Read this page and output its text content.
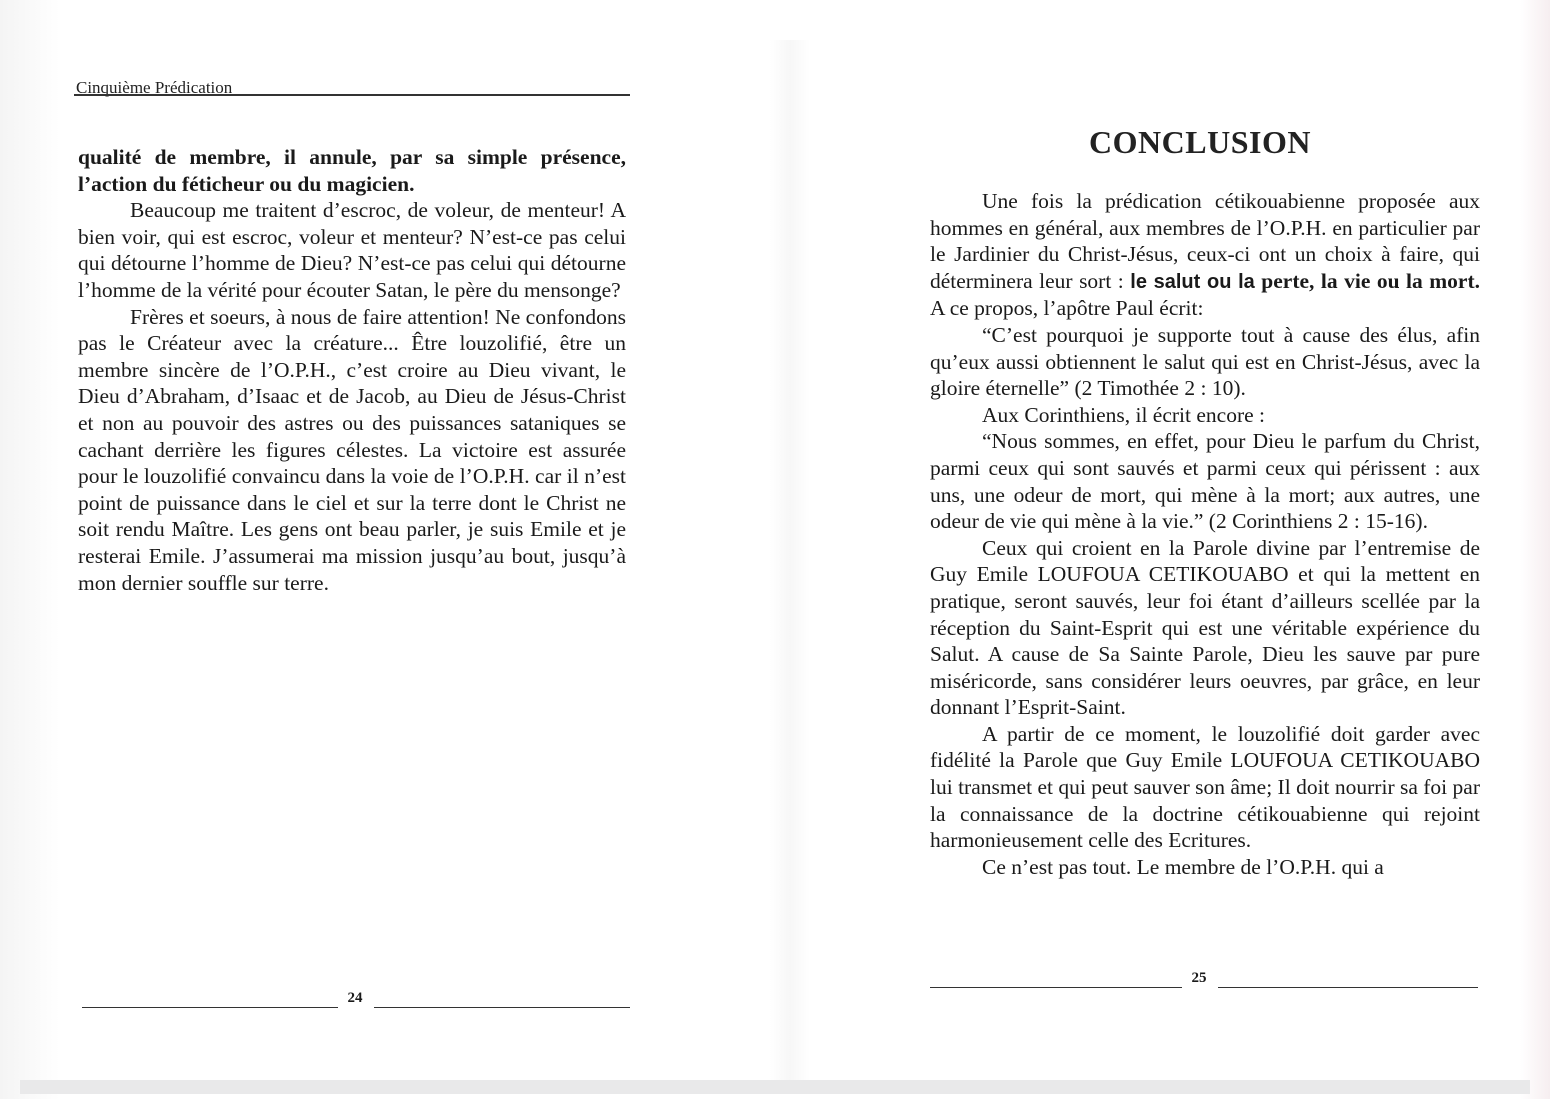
Cinquième Prédication

qualité de membre, il annule, par sa simple présence, l’action du féticheur ou du magicien.

Beaucoup me traitent d’escroc, de voleur, de menteur! A bien voir, qui est escroc, voleur et menteur? N’est-ce pas celui qui détourne l’homme de Dieu? N’est-ce pas celui qui détourne l’homme de la vérité pour écouter Satan, le père du mensonge?

Frères et soeurs, à nous de faire attention! Ne confondons pas le Créateur avec la créature... Être louzolifié, être un membre sincère de l’O.P.H., c’est croire au Dieu vivant, le Dieu d’Abraham, d’Isaac et de Jacob, au Dieu de Jésus-Christ et non au pouvoir des astres ou des puissances sataniques se cachant derrière les figures célestes. La victoire est assurée pour le louzolifié convaincu dans la voie de l’O.P.H. car il n’est point de puissance dans le ciel et sur la terre dont le Christ ne soit rendu Maître. Les gens ont beau parler, je suis Emile et je resterai Emile. J’assumerai ma mission jusqu’au bout, jusqu’à mon dernier souffle sur terre.

24
CONCLUSION

Une fois la prédication cétikouabienne proposée aux hommes en général, aux membres de l’O.P.H. en particulier par le Jardinier du Christ-Jésus, ceux-ci ont un choix à faire, qui déterminera leur sort : le salut ou la perte, la vie ou la mort. A ce propos, l’apôtre Paul écrit:

“C’est pourquoi je supporte tout à cause des élus, afin qu’eux aussi obtiennent le salut qui est en Christ-Jésus, avec la gloire éternelle” (2 Timothée 2 : 10).

Aux Corinthiens, il écrit encore :

“Nous sommes, en effet, pour Dieu le parfum du Christ, parmi ceux qui sont sauvés et parmi ceux qui périssent : aux uns, une odeur de mort, qui mène à la mort; aux autres, une odeur de vie qui mène à la vie.” (2 Corinthiens 2 : 15-16).

Ceux qui croient en la Parole divine par l’entremise de Guy Emile LOUFOUA CETIKOUABO et qui la mettent en pratique, seront sauvés, leur foi étant d’ailleurs scellée par la réception du Saint-Esprit qui est une véritable expérience du Salut. A cause de Sa Sainte Parole, Dieu les sauve par pure miséricorde, sans considérer leurs oeuvres, par grâce, en leur donnant l’Esprit-Saint.

A partir de ce moment, le louzolifié doit garder avec fidélité la Parole que Guy Emile LOUFOUA CETIKOUABO lui transmet et qui peut sauver son âme; Il doit nourrir sa foi par la connaissance de la doctrine cétikouabienne qui rejoint harmonieusement celle des Ecritures.

Ce n’est pas tout. Le membre de l’O.P.H. qui a

25
